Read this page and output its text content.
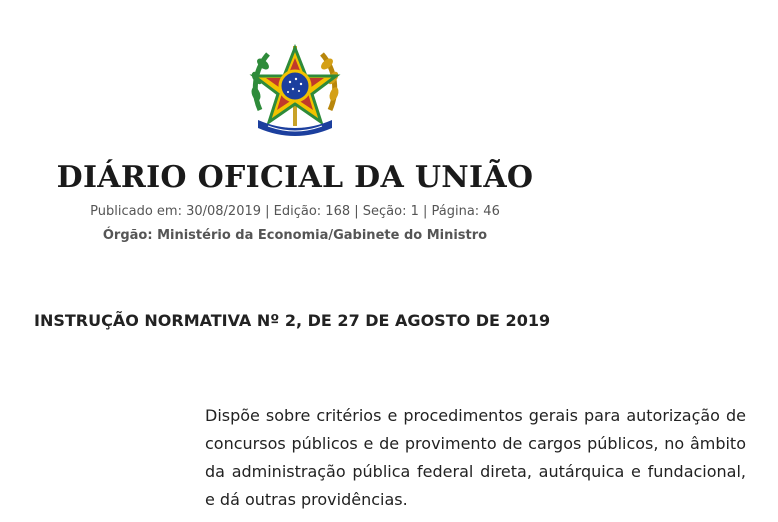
DIÁRIO OFICIAL DA UNIÃO
Publicado em: 30/08/2019 | Edição: 168 | Seção: 1 | Página: 46
Órgão: Ministério da Economia/Gabinete do Ministro
INSTRUÇÃO NORMATIVA Nº 2, DE 27 DE AGOSTO DE 2019
Dispõe sobre critérios e procedimentos gerais para autorização de concursos públicos e de provimento de cargos públicos, no âmbito da administração pública federal direta, autárquica e fundacional, e dá outras providências.
